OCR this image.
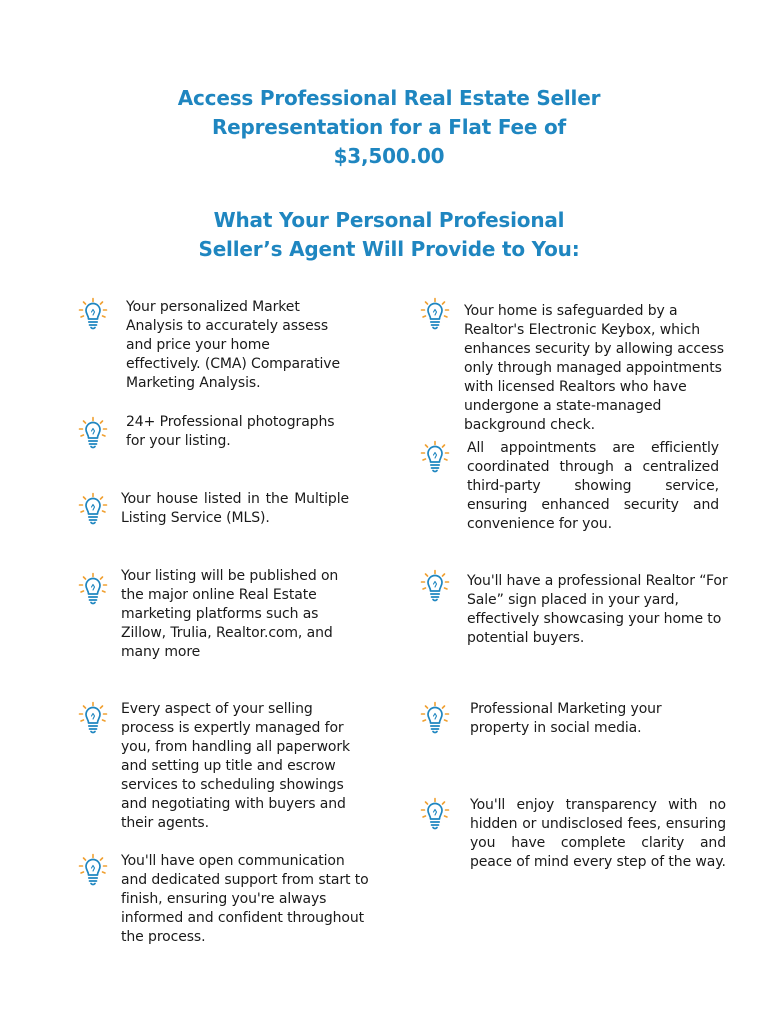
Access Professional Real Estate Seller
Representation for a Flat Fee of
$3,500.00
What Your Personal Profesional
Seller’s Agent Will Provide to You:
Your personalized Market Analysis to accurately assess and price your home effectively. (CMA) Comparative Marketing Analysis.
24+ Professional photographs for your listing.
Your house listed in the Multiple Listing Service (MLS).
Your listing will be published on the major online Real Estate marketing platforms such as Zillow, Trulia, Realtor.com, and many more
Every aspect of your selling process is expertly managed for you, from handling all paperwork and setting up title and escrow services to scheduling showings and negotiating with buyers and their agents.
You'll have open communication and dedicated support from start to finish, ensuring you're always informed and confident throughout the process.
Your home is safeguarded by a Realtor's Electronic Keybox, which enhances security by allowing access only through managed appointments with licensed Realtors who have undergone a state-managed background check.
All appointments are efficiently coordinated through a centralized third-party showing service, ensuring enhanced security and convenience for you.
You'll have a professional Realtor “For Sale” sign placed in your yard, effectively showcasing your home to potential buyers.
Professional Marketing your property in social media.
You'll enjoy transparency with no hidden or undisclosed fees, ensuring you have complete clarity and peace of mind every step of the way.
